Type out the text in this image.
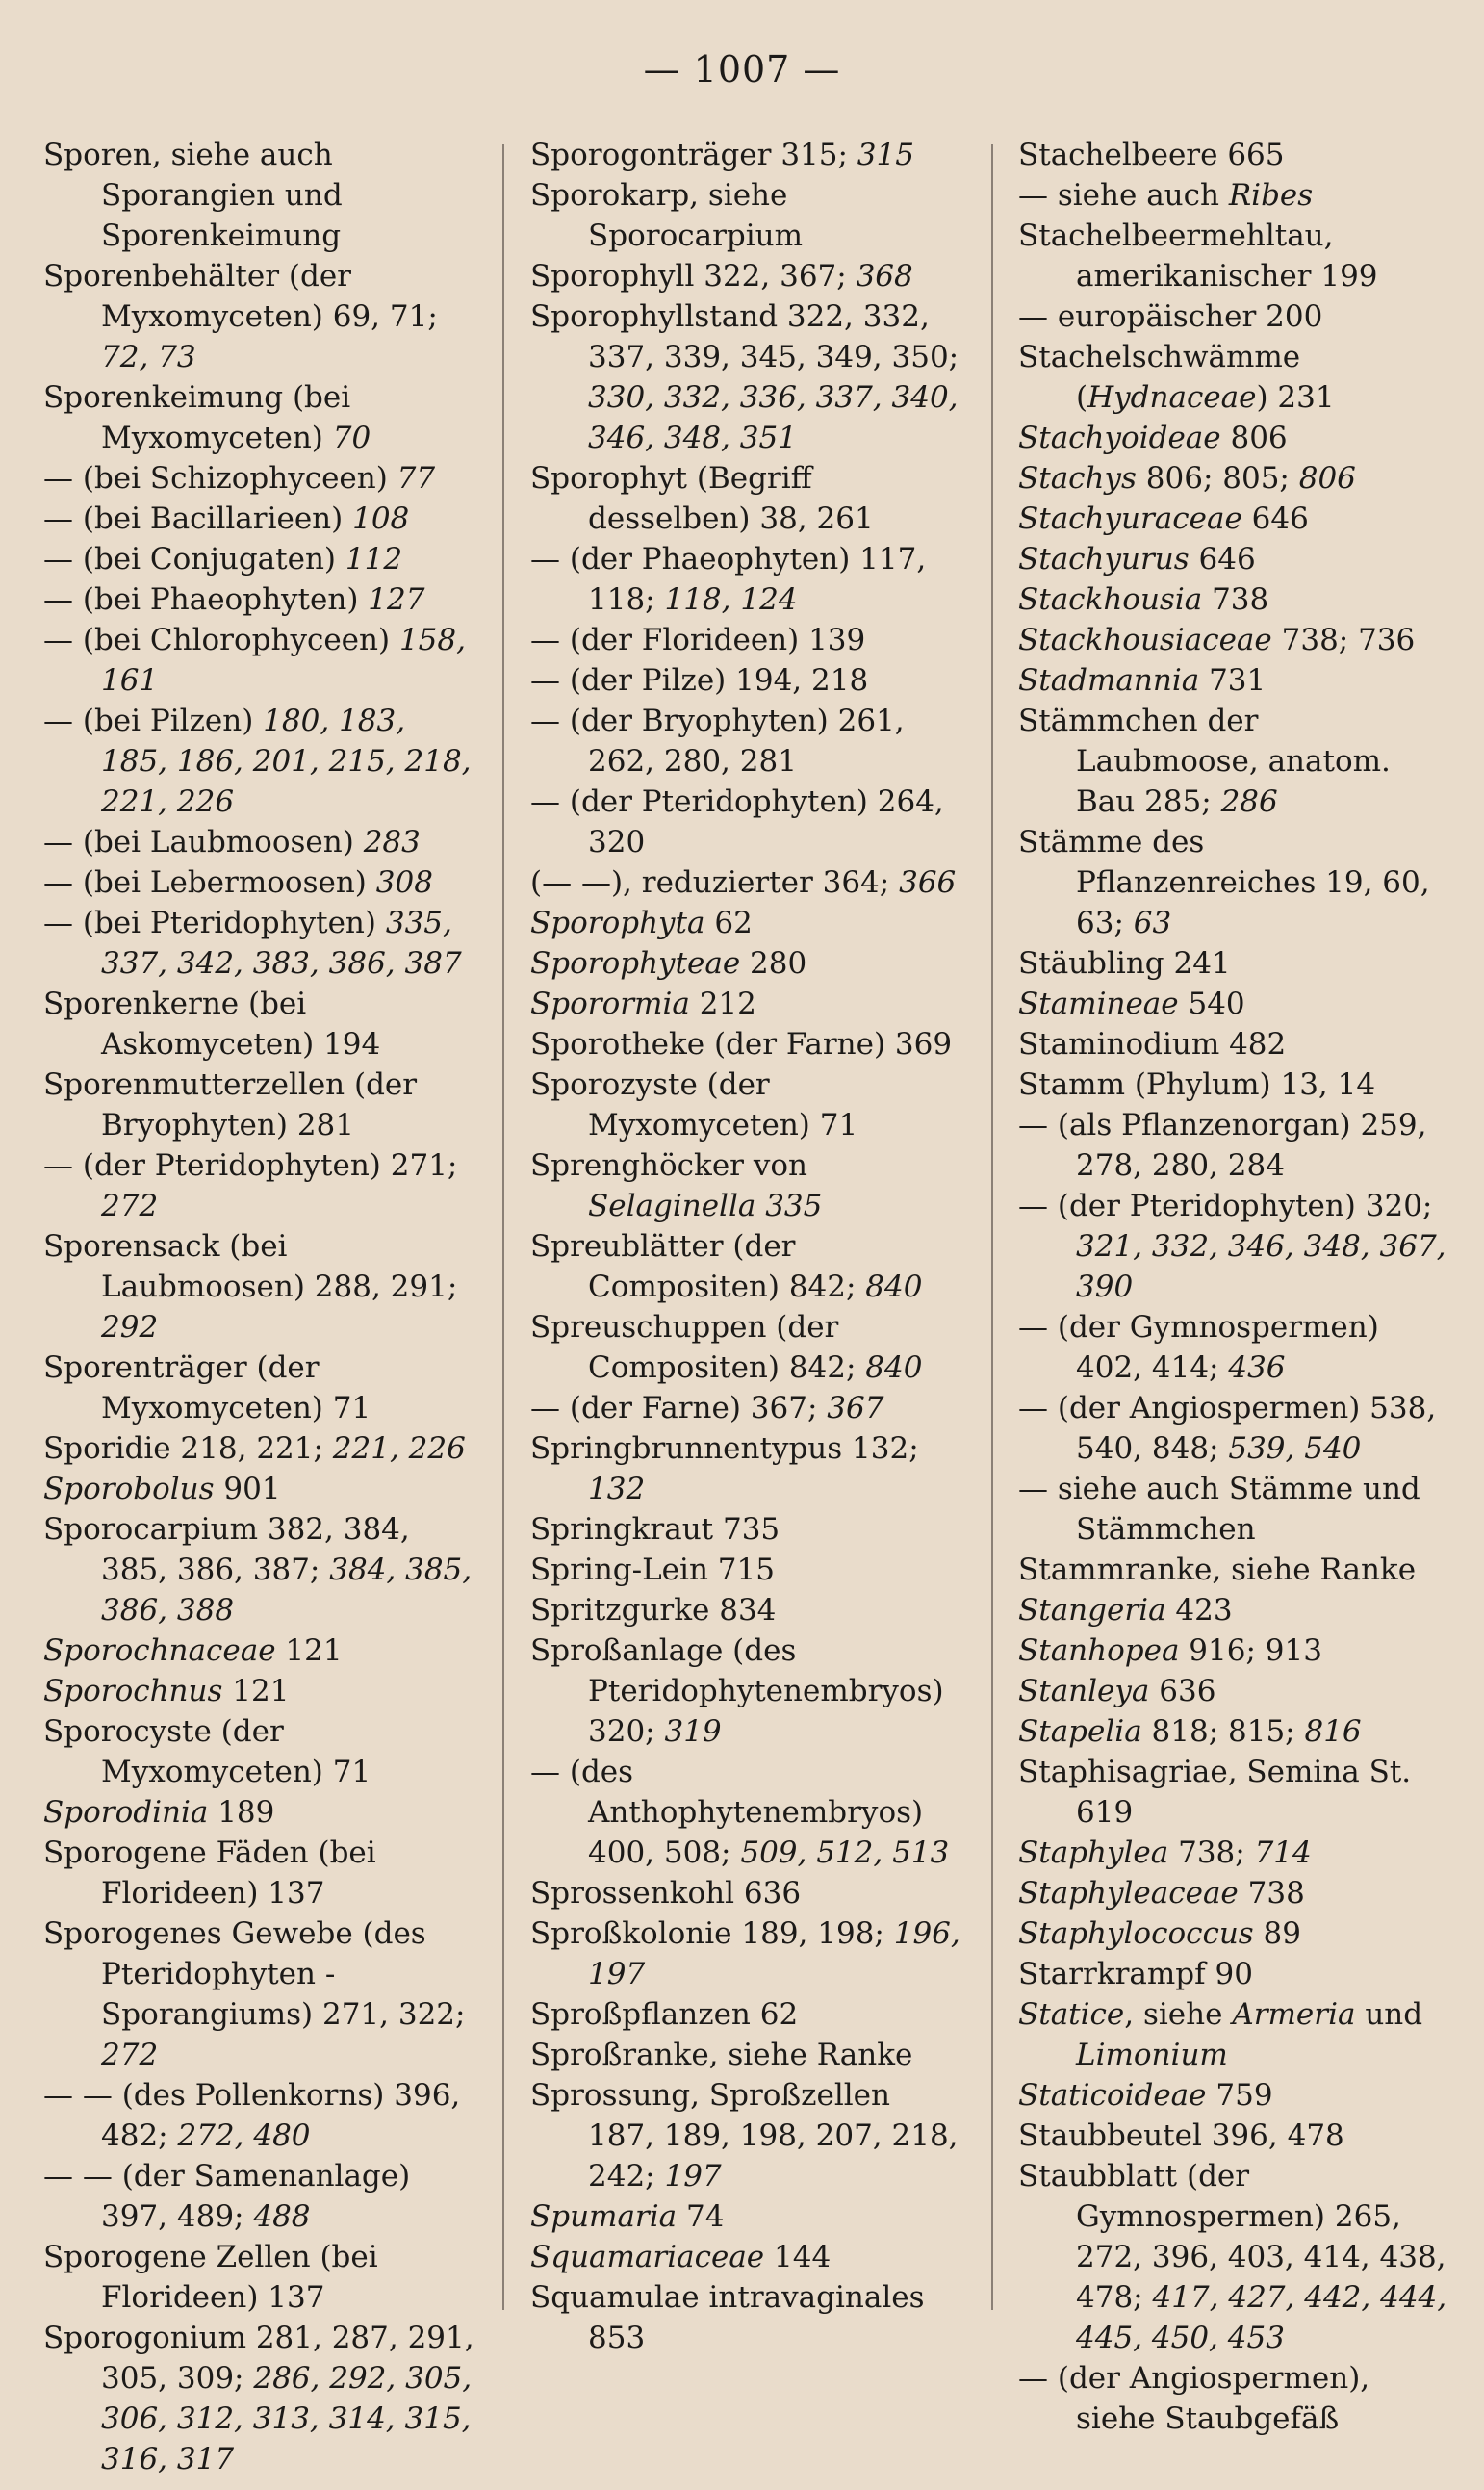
— 1007 —
Sporen, siehe auch Sporangien und Sporenkeimung
Sporenbehälter (der Myxomyceten) 69, 71; 72, 73
Sporenkeimung (bei Myxomyceten) 70
— (bei Schizophyceen) 77
— (bei Bacillarieen) 108
— (bei Conjugaten) 112
— (bei Phaeophyten) 127
— (bei Chlorophyceen) 158, 161
— (bei Pilzen) 180, 183, 185, 186, 201, 215, 218, 221, 226
— (bei Laubmoosen) 283
— (bei Lebermoosen) 308
— (bei Pteridophyten) 335, 337, 342, 383, 386, 387
Sporenkerne (bei Askomyceten) 194
Sporenmutterzellen (der Bryophyten) 281
— (der Pteridophyten) 271; 272
Sporensack (bei Laubmoosen) 288, 291; 292
Sporenträger (der Myxomyceten) 71
Sporidie 218, 221; 221, 226
Sporobolus 901
Sporocarpium 382, 384, 385, 386, 387; 384, 385, 386, 388
Sporochnaceae 121
Sporochnus 121
Sporocyste (der Myxomyceten) 71
Sporodinia 189
Sporogene Fäden (bei Florideen) 137
Sporogenes Gewebe (des Pteridophyten - Sporangiums) 271, 322; 272
— — (des Pollenkorns) 396, 482; 272, 480
— — (der Samenanlage) 397, 489; 488
Sporogene Zellen (bei Florideen) 137
Sporogonium 281, 287, 291, 305, 309; 286, 292, 305, 306, 312, 313, 314, 315, 316, 317
Sporogonträger 315; 315
Sporokarp, siehe Sporocarpium
Sporophyll 322, 367; 368
Sporophyllstand 322, 332, 337, 339, 345, 349, 350; 330, 332, 336, 337, 340, 346, 348, 351
Sporophyt (Begriff desselben) 38, 261
— (der Phaeophyten) 117, 118; 118, 124
— (der Florideen) 139
— (der Pilze) 194, 218
— (der Bryophyten) 261, 262, 280, 281
— (der Pteridophyten) 264, 320
(— —), reduzierter 364; 366
Sporophyta 62
Sporophyteae 280
Sporormia 212
Sporotheke (der Farne) 369
Sporozyste (der Myxomyceten) 71
Sprenghöcker von Selaginella 335
Spreublätter (der Compositen) 842; 840
Spreuschuppen (der Compositen) 842; 840
— (der Farne) 367; 367
Springbrunnentypus 132; 132
Springkraut 735
Spring-Lein 715
Spritzgurke 834
Sproßanlage (des Pteridophytenembryos) 320; 319
— (des Anthophytenembryos) 400, 508; 509, 512, 513
Sprossenkohl 636
Sproßkolonie 189, 198; 196, 197
Sproßpflanzen 62
Sproßranke, siehe Ranke
Sprossung, Sproßzellen 187, 189, 198, 207, 218, 242; 197
Spumaria 74
Squamariaceae 144
Squamulae intravaginales 853
Stachelbeere 665
— siehe auch Ribes
Stachelbeermehltau, amerikanischer 199
— europäischer 200
Stachelschwämme (Hydnaceae) 231
Stachyoideae 806
Stachys 806; 805; 806
Stachyuraceae 646
Stachyurus 646
Stackhousia 738
Stackhousiaceae 738; 736
Stadmannia 731
Stämmchen der Laubmoose, anatom. Bau 285; 286
Stämme des Pflanzenreiches 19, 60, 63; 63
Stäubling 241
Stamineae 540
Staminodium 482
Stamm (Phylum) 13, 14
— (als Pflanzenorgan) 259, 278, 280, 284
— (der Pteridophyten) 320; 321, 332, 346, 348, 367, 390
— (der Gymnospermen) 402, 414; 436
— (der Angiospermen) 538, 540, 848; 539, 540
— siehe auch Stämme und Stämmchen
Stammranke, siehe Ranke
Stangeria 423
Stanhopea 916; 913
Stanleya 636
Stapelia 818; 815; 816
Staphisagriae, Semina St. 619
Staphylea 738; 714
Staphyleaceae 738
Staphylococcus 89
Starrkrampf 90
Statice, siehe Armeria und Limonium
Staticoideae 759
Staubbeutel 396, 478
Staubblatt (der Gymnospermen) 265, 272, 396, 403, 414, 438, 478; 417, 427, 442, 444, 445, 450, 453
— (der Angiospermen), siehe Staubgefäß
